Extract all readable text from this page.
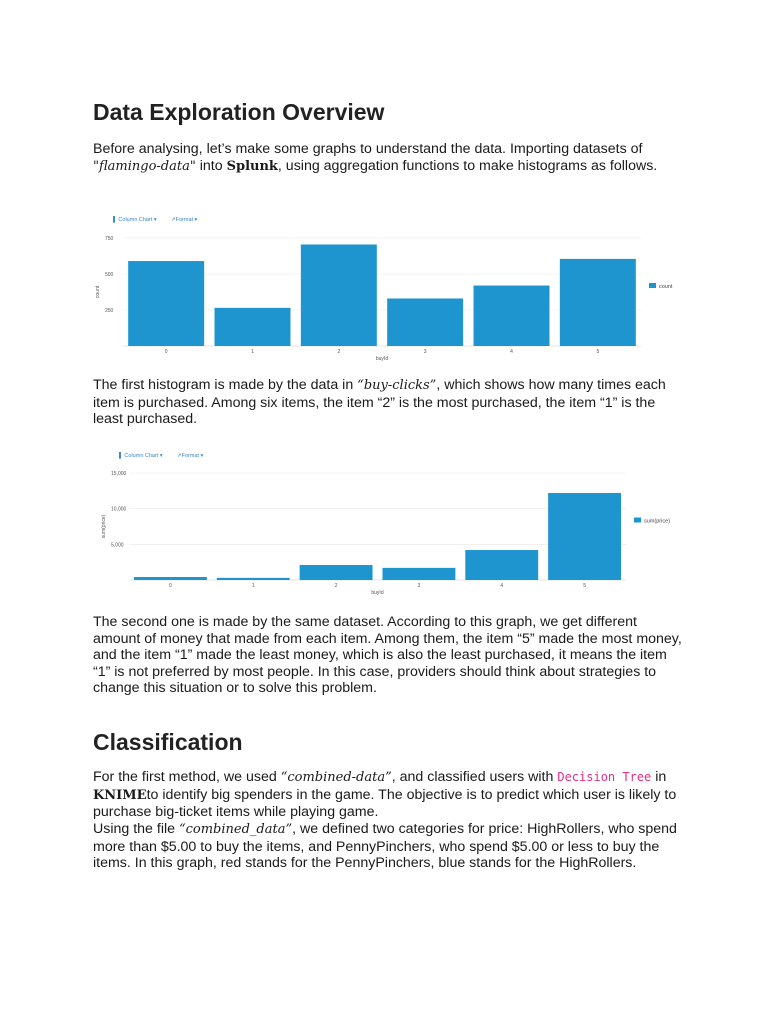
Data Exploration Overview

Before analysing, let’s make some graphs to understand the data. Importing datasets of "flamingo-data" into Splunk, using aggregation functions to make histograms as follows.

▌ Column Chart ▾	↗Format ▾
250
500
750
0	1	2	3	4	5
buyId
count	count

The first histogram is made by the data in “buy-clicks”, which shows how many times each item is purchased. Among six items, the item “2” is the most purchased, the item “1” is the least purchased.

▌ Column Chart ▾	↗Format ▾
5,000
10,000
15,000
0	1	2	3	4	5
buyId
sum(price)	sum(price)

The second one is made by the same dataset. According to this graph, we get different amount of money that made from each item. Among them, the item “5” made the most money, and the item “1” made the least money, which is also the least purchased, it means the item “1” is not preferred by most people. In this case, providers should think about strategies to change this situation or to solve this problem.

Classification

For the first method, we used “combined-data”, and classified users with Decision Tree in KNIMEto identify big spenders in the game. The objective is to predict which user is likely to purchase big-ticket items while playing game.

Using the file “combined_data”, we defined two categories for price: HighRollers, who spend more than $5.00 to buy the items, and PennyPinchers, who spend $5.00 or less to buy the items. In this graph, red stands for the PennyPinchers, blue stands for the HighRollers.
